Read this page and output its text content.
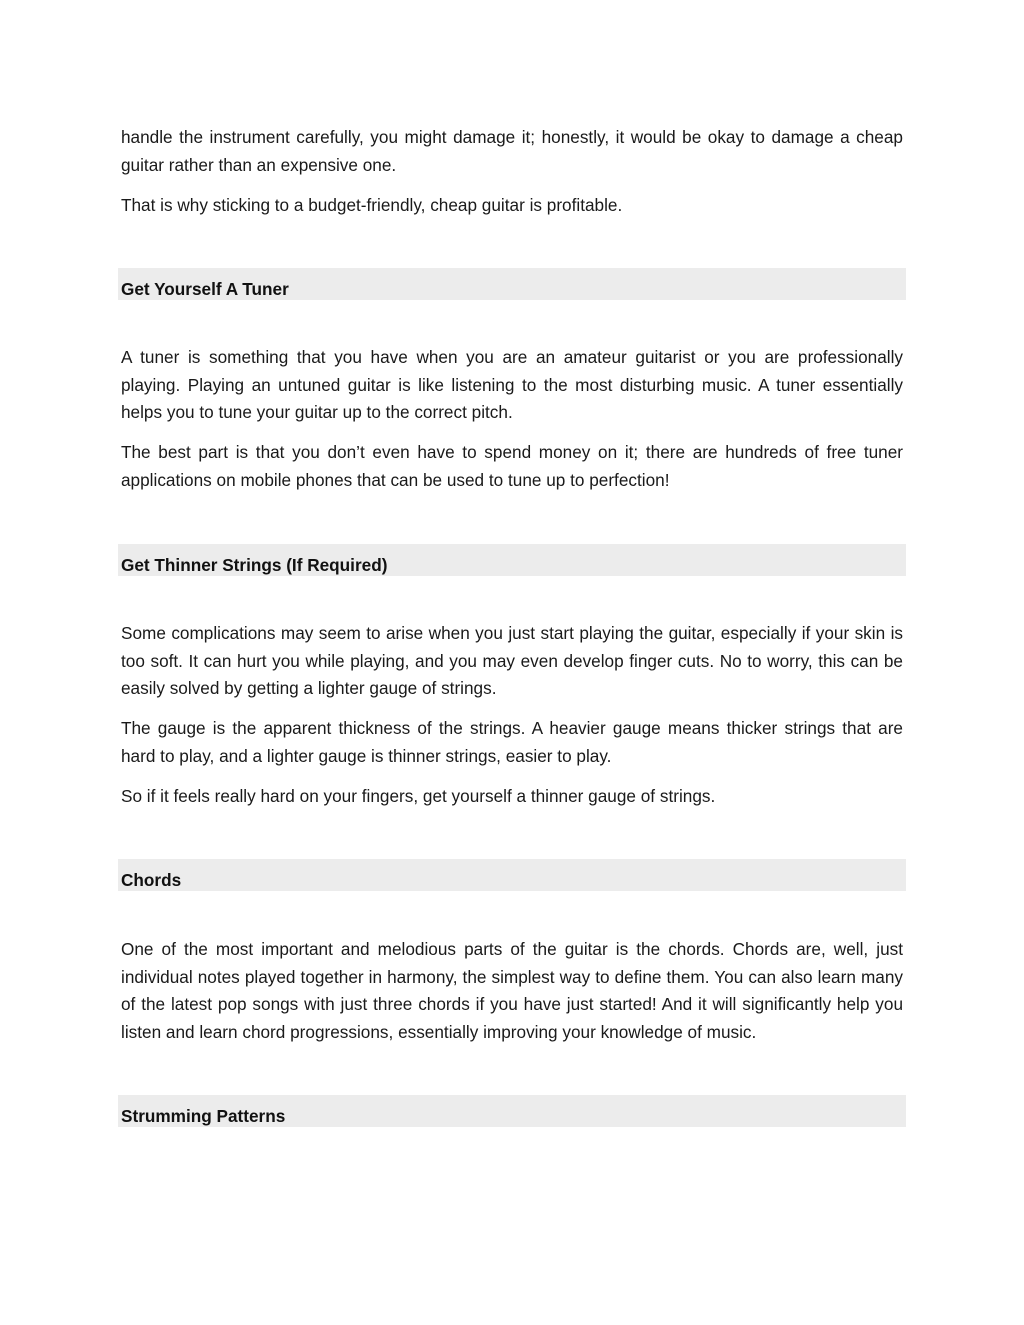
handle the instrument carefully, you might damage it; honestly, it would be okay to damage a cheap guitar rather than an expensive one.

That is why sticking to a budget-friendly, cheap guitar is profitable.

Get Yourself A Tuner

A tuner is something that you have when you are an amateur guitarist or you are professionally playing. Playing an untuned guitar is like listening to the most disturbing music. A tuner essentially helps you to tune your guitar up to the correct pitch.

The best part is that you don’t even have to spend money on it; there are hundreds of free tuner applications on mobile phones that can be used to tune up to perfection!

Get Thinner Strings (If Required)

Some complications may seem to arise when you just start playing the guitar, especially if your skin is too soft. It can hurt you while playing, and you may even develop finger cuts. No to worry, this can be easily solved by getting a lighter gauge of strings.

The gauge is the apparent thickness of the strings. A heavier gauge means thicker strings that are hard to play, and a lighter gauge is thinner strings, easier to play.

So if it feels really hard on your fingers, get yourself a thinner gauge of strings.

Chords

One of the most important and melodious parts of the guitar is the chords. Chords are, well, just individual notes played together in harmony, the simplest way to define them. You can also learn many of the latest pop songs with just three chords if you have just started! And it will significantly help you listen and learn chord progressions, essentially improving your knowledge of music.

Strumming Patterns
